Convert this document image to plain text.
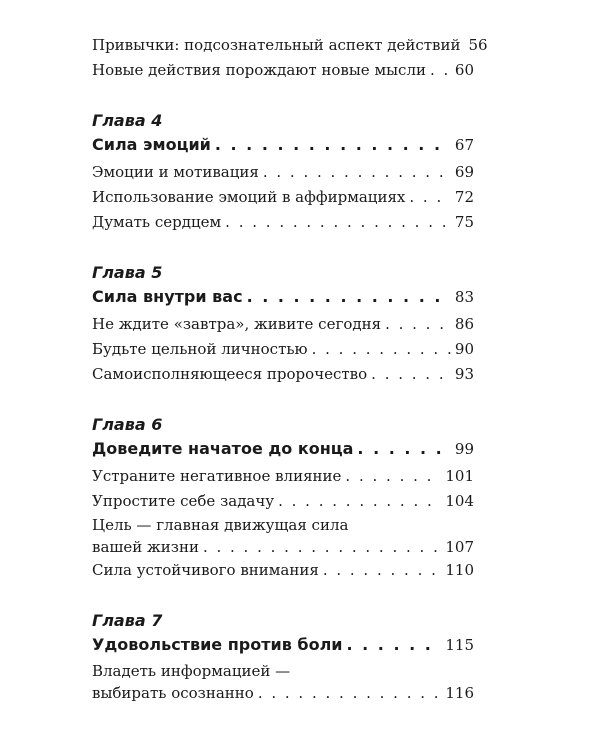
Привычки: подсознательный аспект действий 56
Новые действия порождают новые мысли . . . 60
Глава 4
Сила эмоций . . .	67
Эмоции и мотивация . . .	69
Использование эмоций в аффирмациях . . .	72
Думать сердцем . . .	75
Глава 5
Сила внутри вас . . .	83
Не ждите «завтра», живите сегодня . . .	86
Будьте цельной личностью . . .	90
Самоисполняющееся пророчество . . .	93
Глава 6
Доведите начатое до конца . . .	99
Устраните негативное влияние . . .	101
Упростите себе задачу . . .	104
Цель — главная движущая сила
вашей жизни . . .	107
Сила устойчивого внимания . . .	110
Глава 7
Удовольствие против боли . . .	115
Владеть информацией —
выбирать осознанно . . .	116
